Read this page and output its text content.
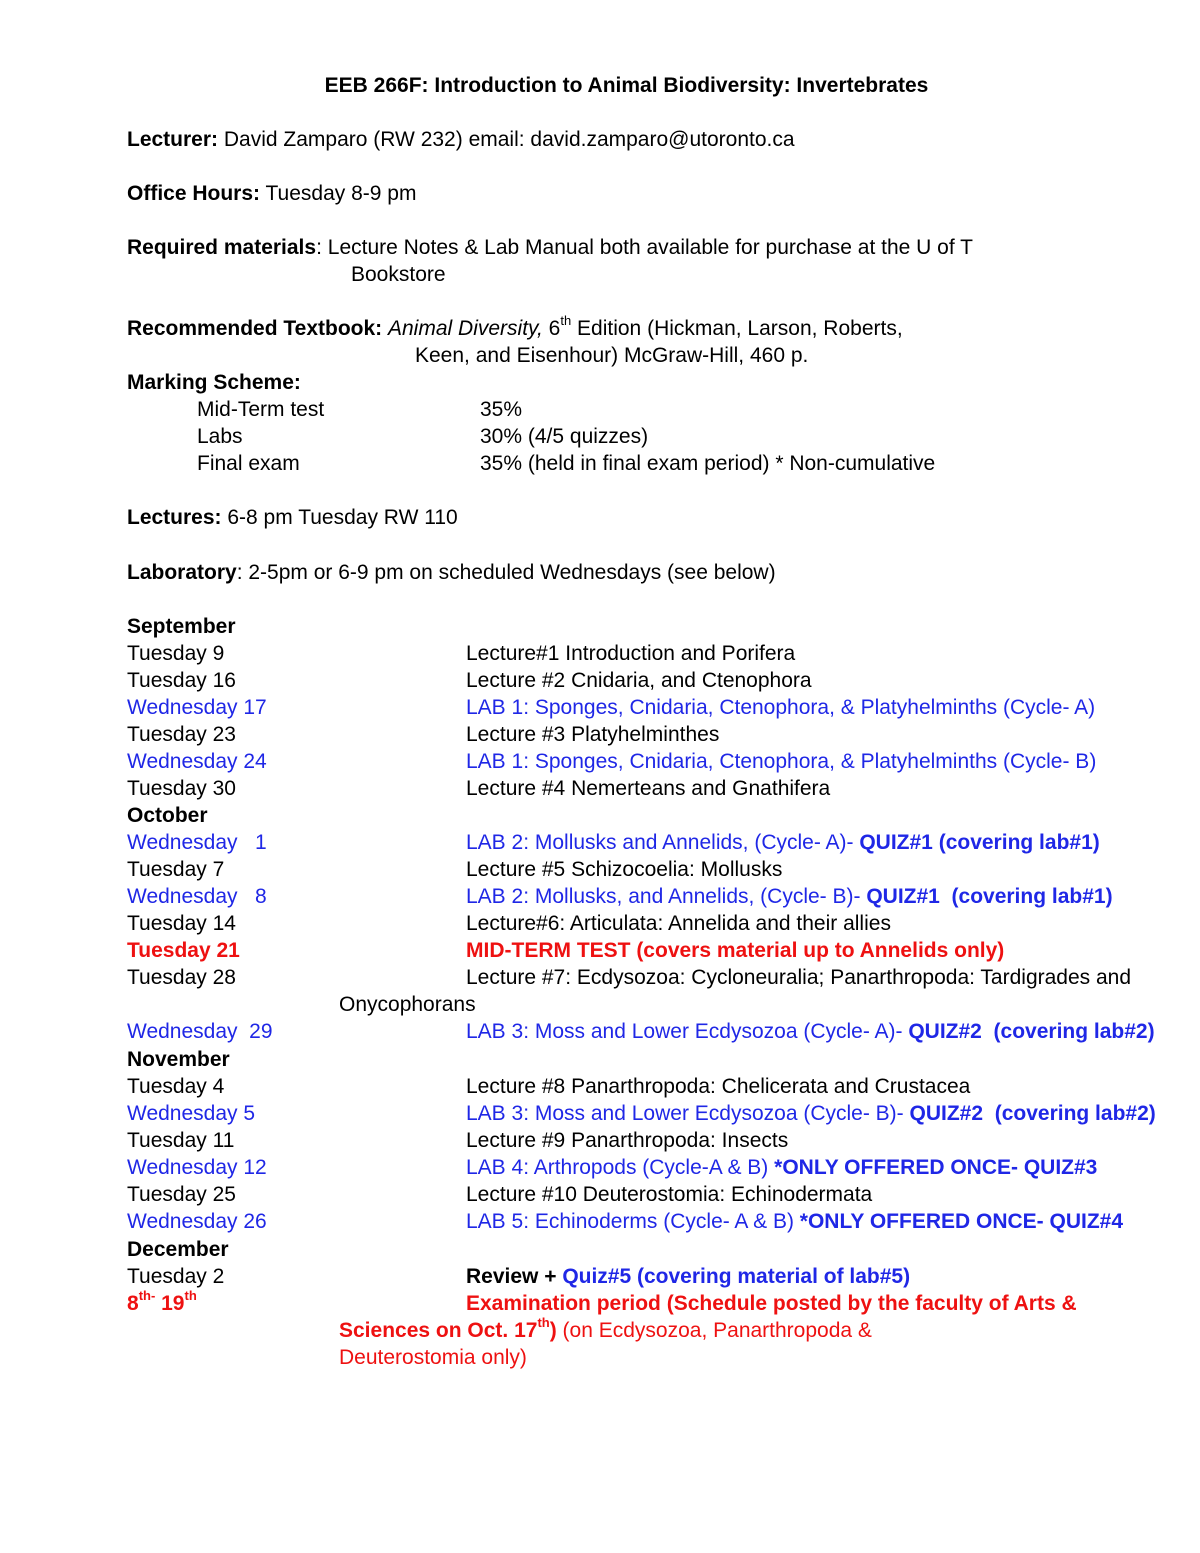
EEB 266F: Introduction to Animal Biodiversity: Invertebrates
Lecturer: David Zamparo (RW 232) email: david.zamparo@utoronto.ca
Office Hours: Tuesday 8-9 pm
Required materials: Lecture Notes & Lab Manual both available for purchase at the U of T
Bookstore
Recommended Textbook: Animal Diversity, 6th Edition (Hickman, Larson, Roberts,
Keen, and Eisenhour) McGraw-Hill, 460 p.
Marking Scheme:
Mid-Term test	35%
Labs	30% (4/5 quizzes)
Final exam	35% (held in final exam period) * Non-cumulative
Lectures: 6-8 pm Tuesday RW 110
Laboratory: 2-5pm or 6-9 pm on scheduled Wednesdays (see below)
September
Tuesday 9	Lecture#1 Introduction and Porifera
Tuesday 16	Lecture #2 Cnidaria, and Ctenophora
Wednesday 17	LAB 1: Sponges, Cnidaria, Ctenophora, & Platyhelminths (Cycle- A)
Tuesday 23	Lecture #3 Platyhelminthes
Wednesday 24	LAB 1: Sponges, Cnidaria, Ctenophora, & Platyhelminths (Cycle- B)
Tuesday 30	Lecture #4 Nemerteans and Gnathifera
October
Wednesday   1	LAB 2: Mollusks and Annelids, (Cycle- A)- QUIZ#1 (covering lab#1)
Tuesday 7	Lecture #5 Schizocoelia: Mollusks
Wednesday   8	LAB 2: Mollusks, and Annelids, (Cycle- B)- QUIZ#1  (covering lab#1)
Tuesday 14	Lecture#6: Articulata: Annelida and their allies
Tuesday 21	MID-TERM TEST (covers material up to Annelids only)
Tuesday 28	Lecture #7: Ecdysozoa: Cycloneuralia; Panarthropoda: Tardigrades and
Onycophorans
Wednesday  29	LAB 3: Moss and Lower Ecdysozoa (Cycle- A)- QUIZ#2  (covering lab#2)
November
Tuesday 4	Lecture #8 Panarthropoda: Chelicerata and Crustacea
Wednesday 5	LAB 3: Moss and Lower Ecdysozoa (Cycle- B)- QUIZ#2  (covering lab#2)
Tuesday 11	Lecture #9 Panarthropoda: Insects
Wednesday 12	LAB 4: Arthropods (Cycle-A & B) *ONLY OFFERED ONCE- QUIZ#3
Tuesday 25	Lecture #10 Deuterostomia: Echinodermata
Wednesday 26	LAB 5: Echinoderms (Cycle- A & B) *ONLY OFFERED ONCE- QUIZ#4
December
Tuesday 2	Review + Quiz#5 (covering material of lab#5)
$8^{th-}$ 19th	Examination period (Schedule posted by the faculty of Arts &
Sciences on Oct. 17th) (on Ecdysozoa, Panarthropoda &
Deuterostomia only)
